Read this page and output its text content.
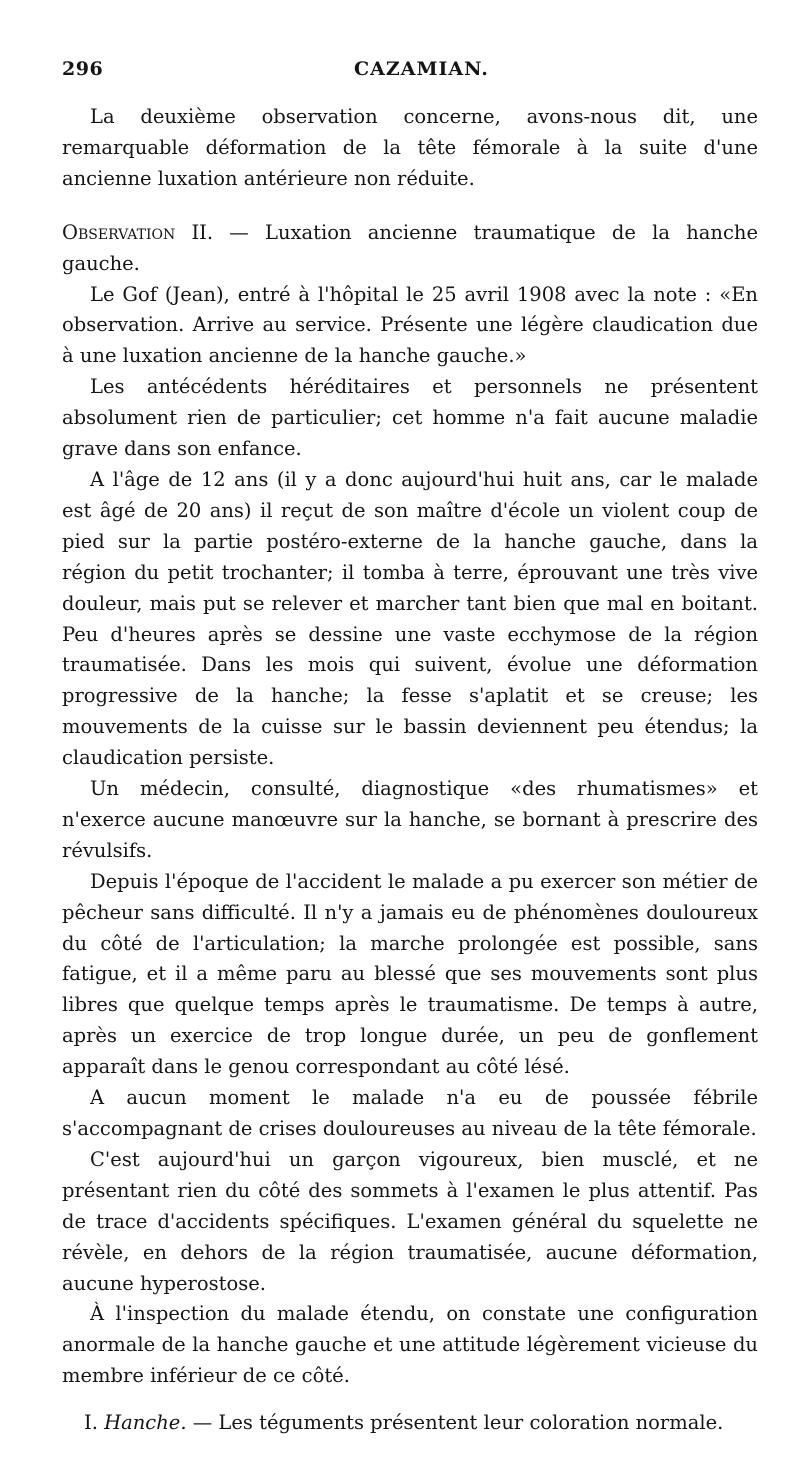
296	CAZAMIAN.

La deuxième observation concerne, avons-nous dit, une remarquable déformation de la tête fémorale à la suite d'une ancienne luxation antérieure non réduite.

Observation II. — Luxation ancienne traumatique de la hanche gauche.

Le Gof (Jean), entré à l'hôpital le 25 avril 1908 avec la note : «En observation. Arrive au service. Présente une légère claudication due à une luxation ancienne de la hanche gauche.»

Les antécédents héréditaires et personnels ne présentent absolument rien de particulier; cet homme n'a fait aucune maladie grave dans son enfance.

A l'âge de 12 ans (il y a donc aujourd'hui huit ans, car le malade est âgé de 20 ans) il reçut de son maître d'école un violent coup de pied sur la partie postéro-externe de la hanche gauche, dans la région du petit trochanter; il tomba à terre, éprouvant une très vive douleur, mais put se relever et marcher tant bien que mal en boitant. Peu d'heures après se dessine une vaste ecchymose de la région traumatisée. Dans les mois qui suivent, évolue une déformation progressive de la hanche; la fesse s'aplatit et se creuse; les mouvements de la cuisse sur le bassin deviennent peu étendus; la claudication persiste.

Un médecin, consulté, diagnostique «des rhumatismes» et n'exerce aucune manœuvre sur la hanche, se bornant à prescrire des révulsifs.

Depuis l'époque de l'accident le malade a pu exercer son métier de pêcheur sans difficulté. Il n'y a jamais eu de phénomènes douloureux du côté de l'articulation; la marche prolongée est possible, sans fatigue, et il a même paru au blessé que ses mouvements sont plus libres que quelque temps après le traumatisme. De temps à autre, après un exercice de trop longue durée, un peu de gonflement apparaît dans le genou correspondant au côté lésé.

A aucun moment le malade n'a eu de poussée fébrile s'accompagnant de crises douloureuses au niveau de la tête fémorale.

C'est aujourd'hui un garçon vigoureux, bien musclé, et ne présentant rien du côté des sommets à l'examen le plus attentif. Pas de trace d'accidents spécifiques. L'examen général du squelette ne révèle, en dehors de la région traumatisée, aucune déformation, aucune hyperostose.

À l'inspection du malade étendu, on constate une configuration anormale de la hanche gauche et une attitude légèrement vicieuse du membre inférieur de ce côté.

I. Hanche. — Les téguments présentent leur coloration normale.
